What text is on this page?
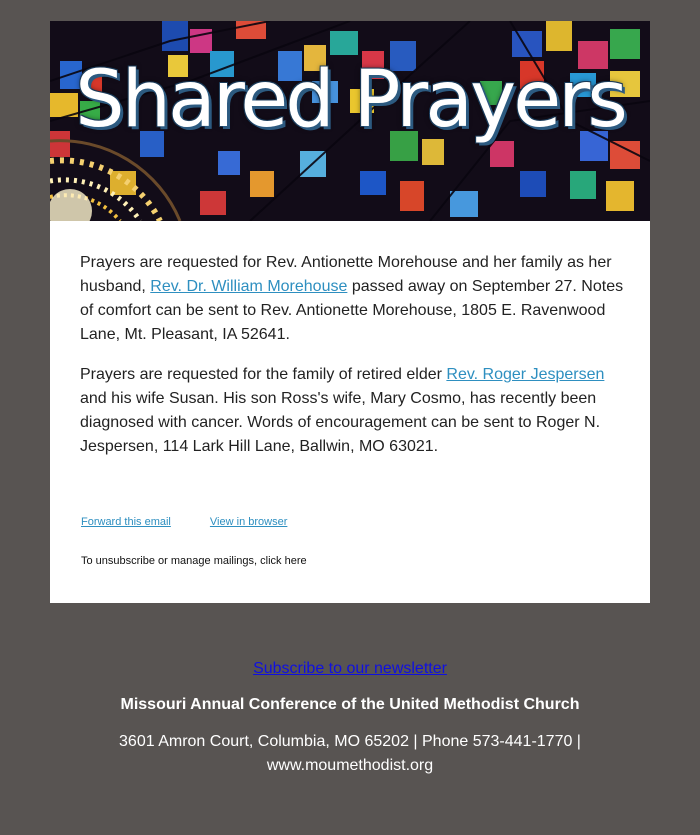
Shared Prayers

Prayers are requested for Rev. Antionette Morehouse and her family as her husband, Rev. Dr. William Morehouse passed away on September 27. Notes of comfort can be sent to Rev. Antionette Morehouse, 1805 E. Ravenwood Lane, Mt. Pleasant, IA 52641.

Prayers are requested for the family of retired elder Rev. Roger Jespersen and his wife Susan. His son Ross's wife, Mary Cosmo, has recently been diagnosed with cancer. Words of encouragement can be sent to Roger N. Jespersen, 114 Lark Hill Lane, Ballwin, MO 63021.

Forward this email	View in browser
To unsubscribe or manage mailings, click here
Subscribe to our newsletter
Missouri Annual Conference of the United Methodist Church
3601 Amron Court, Columbia, MO 65202 | Phone 573-441-1770 |
www.moumethodist.org
